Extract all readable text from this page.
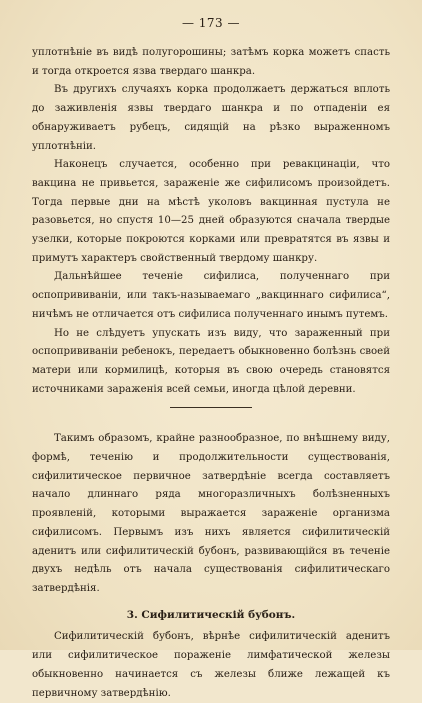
— 173 —

уплотнѣніе въ видѣ полугорошины; затѣмъ корка можетъ спасть и тогда откроется язва твердаго шанкра.

Въ другихъ случаяхъ корка продолжаетъ держаться вплоть до заживленія язвы твердаго шанкра и по отпаденіи ея обнаруживаетъ рубецъ, сидящій на рѣзко выраженномъ уплотнѣніи.

Наконецъ случается, особенно при ревакцинаціи, что вакцина не привьется, зараженіе же сифилисомъ произойдетъ. Тогда первые дни на мѣстѣ уколовъ вакцинная пустула не разовьется, но спустя 10—25 дней образуются сначала твердые узелки, которые покроются корками или превратятся въ язвы и примутъ характеръ свойственный твердому шанкру.

Дальнѣйшее теченіе сифилиса, полученнаго при оспопрививаніи, или такъ-называемаго „вакциннаго сифилиса“, ничѣмъ не отличается отъ сифилиса полученнаго инымъ путемъ.

Но не слѣдуетъ упускать изъ виду, что зараженный при оспопрививаніи ребенокъ, передаетъ обыкновенно болѣзнь своей матери или кормилицѣ, которыя въ свою очередь становятся источниками зараженія всей семьи, иногда цѣлой деревни.

Такимъ образомъ, крайне разнообразное, по внѣшнему виду, формѣ, теченію и продолжительности существованія, сифилитическое первичное затвердѣніе всегда составляетъ начало длиннаго ряда многоразличныхъ болѣзненныхъ проявленій, которыми выражается зараженіе организма сифилисомъ. Первымъ изъ нихъ является сифилитическій аденитъ или сифилитическій бубонъ, развивающійся въ теченіе двухъ недѣль отъ начала существованія сифилитическаго затвердѣнія.

3. Сифилитическій бубонъ.

Сифилитическій бубонъ, вѣрнѣе сифилитическій аденитъ или сифилитическое пораженіе лимфатической железы обыкновенно начинается съ железы ближе лежащей къ первичному затвердѣнію.
